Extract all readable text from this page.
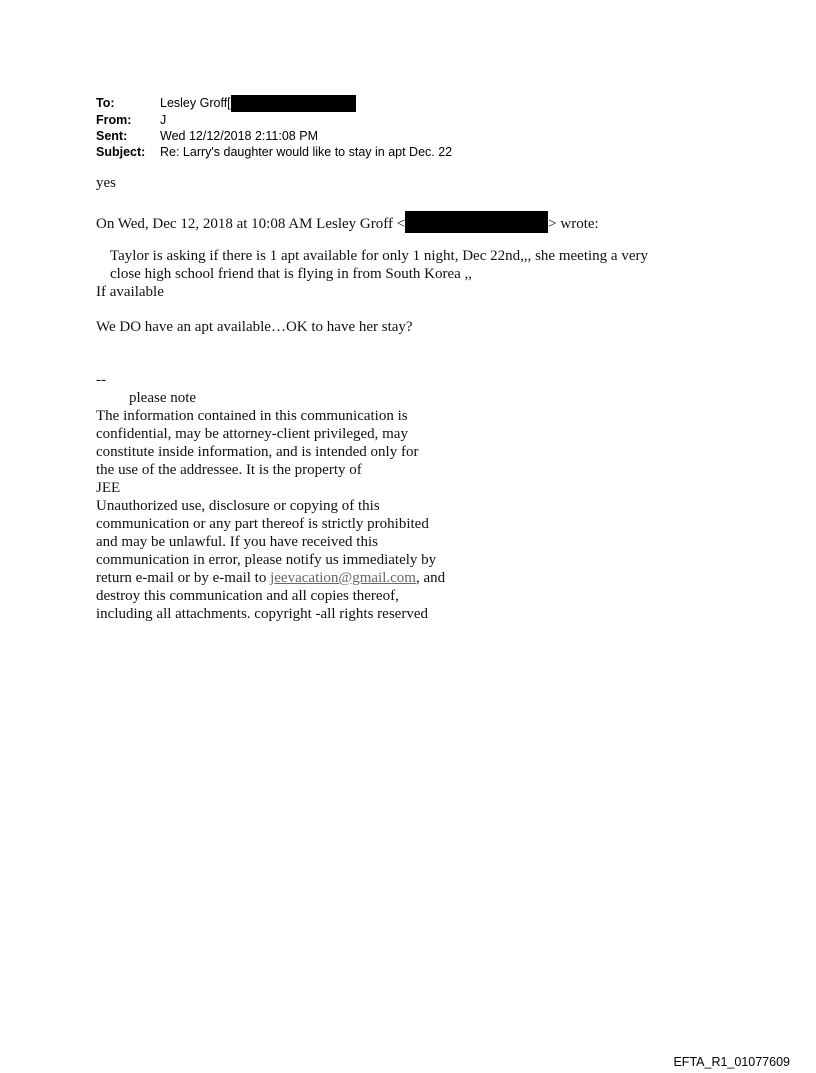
To:	Lesley Groff[
From:	J
Sent:	Wed 12/12/2018 2:11:08 PM
Subject:	Re: Larry's daughter would like to stay in apt Dec. 22

yes

On Wed, Dec 12, 2018 at 10:08 AM Lesley Groff <	> wrote:

Taylor is asking if there is 1 apt available for only 1 night, Dec 22nd,,, she meeting a very

close high school friend that is flying in from South Korea ,,

If available

We DO have an apt available…OK to have her stay?

--

please note

The information contained in this communication is

confidential, may be attorney-client privileged, may

constitute inside information, and is intended only for

the use of the addressee. It is the property of

JEE

Unauthorized use, disclosure or copying of this

communication or any part thereof is strictly prohibited

and may be unlawful. If you have received this

communication in error, please notify us immediately by

return e-mail or by e-mail to jeevacation@gmail.com, and

destroy this communication and all copies thereof,

including all attachments. copyright -all rights reserved

EFTA_R1_01077609
